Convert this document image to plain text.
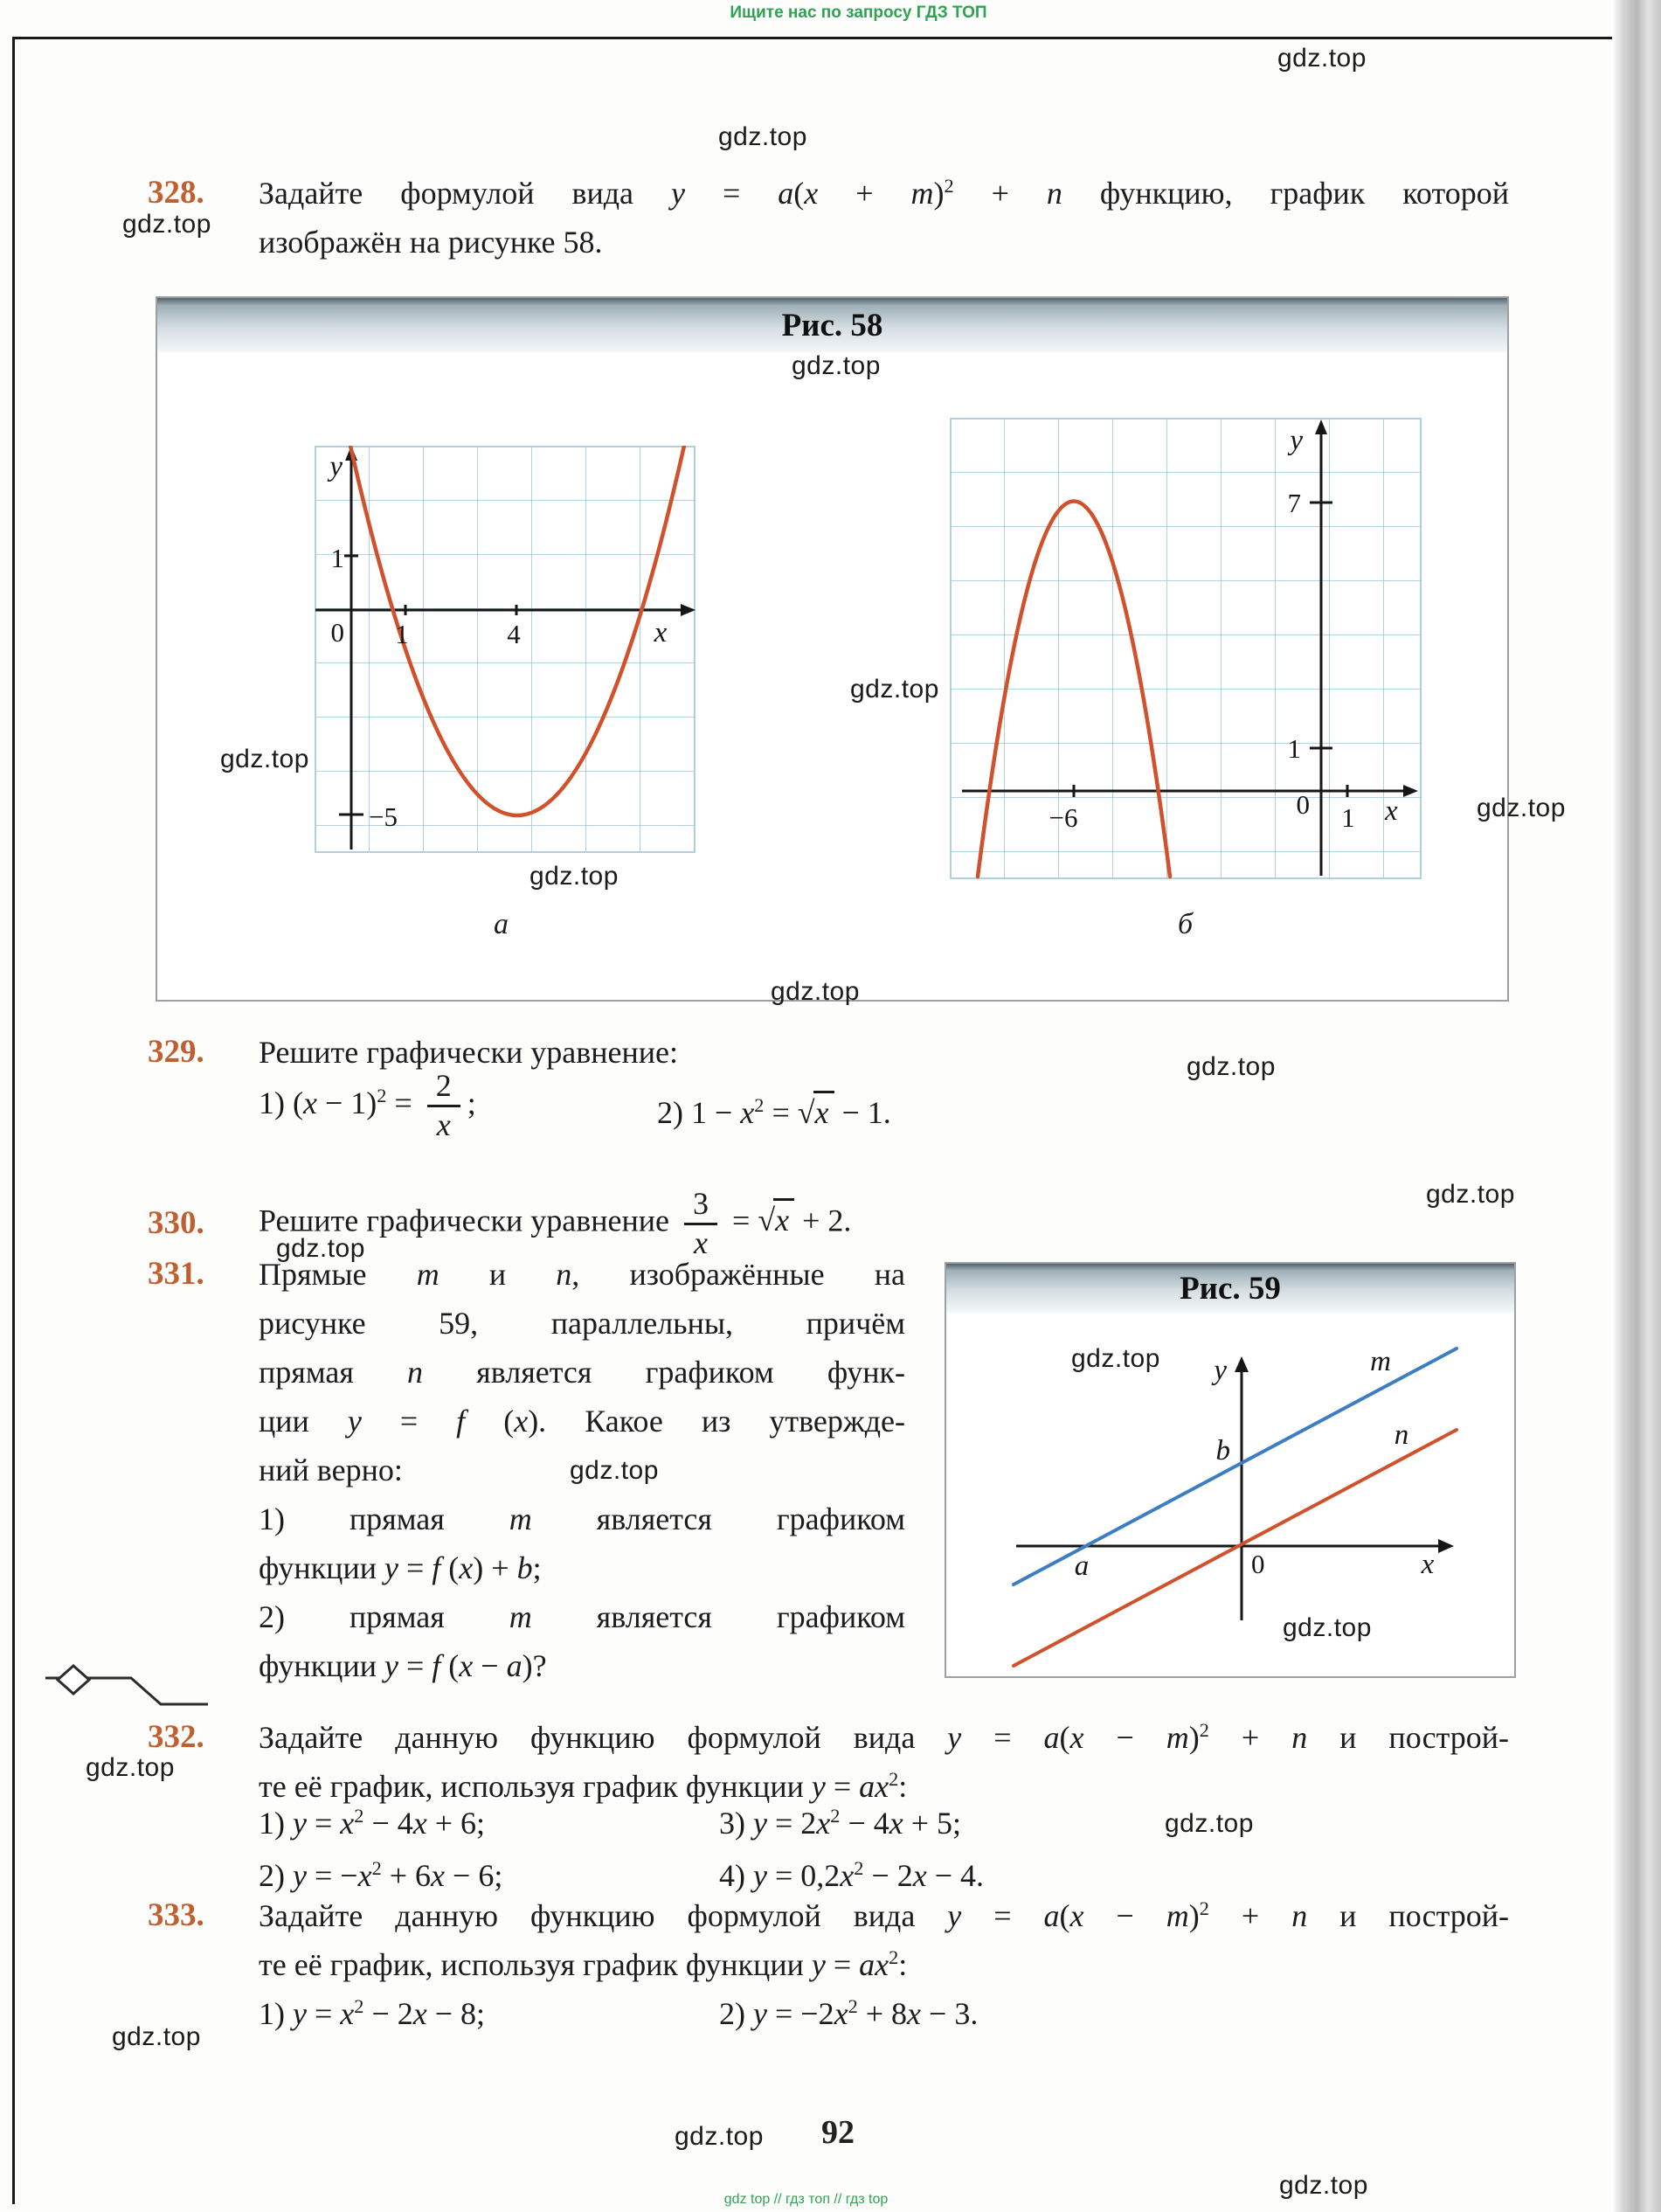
Ищите нас по запросу ГДЗ ТОП
gdz.top
gdz.top
gdz.top
gdz.top
gdz.top
gdz.top
gdz.top
gdz.top
gdz.top
gdz.top
gdz.top
gdz.top
gdz.top
gdz.top
gdz.top
gdz.top
gdz.top
gdz.top
gdz.top
gdz.top
328. Задайте формулой вида $y = a(x + m)^2 + n$ функцию, график которой
изображён на рисунке 58.
Рис. 58
y
x
1
0 1	4
−5
y
x
7
1
0 1
−6
а	б
329. Решите графически уравнение:
1) $(x - 1)^2 = \frac{2}{x}$ ;	2) $1 - x^2 = √x - 1$.
330. Решите графически уравнение $\frac{3}{x} = √x + 2$.
331. Прямые m и n, изображённые на
рисунке 59, параллельны, причём
прямая n является графиком функ-
ции y = f (x). Какое из утвержде-
ний верно:
1) прямая m является графиком
функции y = f (x) + b;
2) прямая m является графиком
функции y = f (x − a)?
Рис. 59
y
x
0
a
b
m
n
332. Задайте данную функцию формулой вида $y = a(x - m)^2 + n$ и построй-
те её график, используя график функции $y = ax^2$:
1) $y = x^2 - 4x + 6$;	3) $y = 2x^2 - 4x + 5$;
2) $y = -x^2 + 6x - 6$;	4) $y = 0,2x^2 - 2x - 4$.
333. Задайте данную функцию формулой вида $y = a(x - m)^2 + n$ и построй-
те её график, используя график функции $y = ax^2$:
1) $y = x^2 - 2x - 8$;	2) $y = -2x^2 + 8x - 3$.
92
gdz top // гдз топ // гдз top
